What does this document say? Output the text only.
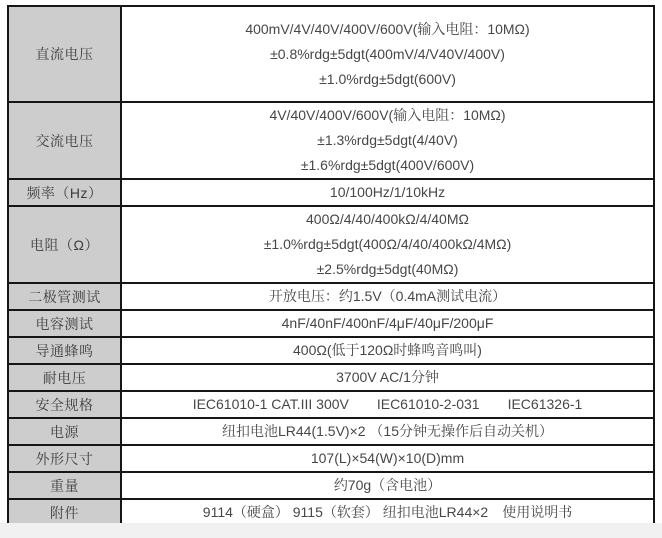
直流电压	400mV/4V/40V/400V/600V(输入电阻：10MΩ)
±0.8%rdg±5dgt(400mV/4/V40V/400V)
±1.0%rdg±5dgt(600V)

交流电压	4V/40V/400V/600V(输入电阻：10MΩ)
±1.3%rdg±5dgt(4/40V)
±1.6%rdg±5dgt(400V/600V)

频率（Hz）	10/100Hz/1/10kHz

电阻（Ω）	400Ω/4/40/400kΩ/4/40MΩ
±1.0%rdg±5dgt(400Ω/4/40/400kΩ/4MΩ)
±2.5%rdg±5dgt(40MΩ)

二极管测试	开放电压：约1.5V（0.4mA测试电流）

电容测试	4nF/40nF/400nF/4μF/40μF/200μF

导通蜂鸣	400Ω(低于120Ω时蜂鸣音鸣叫)

耐电压	3700V AC/1分钟

安全规格	IEC61010-1 CAT.III 300V　　IEC61010-2-031　　IEC61326-1

电源	纽扣电池LR44(1.5V)×2 （15分钟无操作后自动关机）

外形尺寸	107(L)×54(W)×10(D)mm

重量	约70g（含电池）

附件	9114（硬盒） 9115（软套） 纽扣电池LR44×2　使用说明书
